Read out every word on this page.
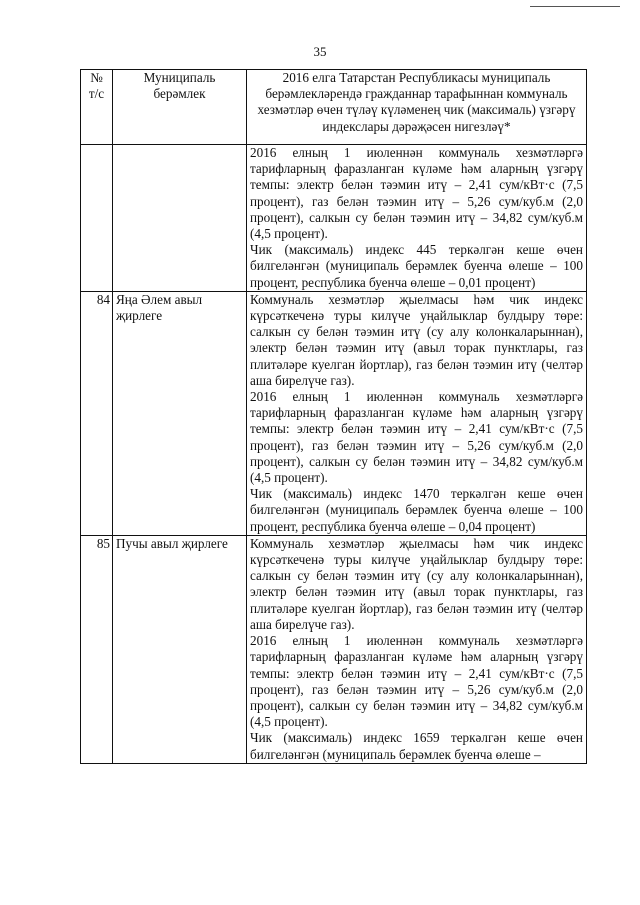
35
№ т/с	Муниципаль берәмлек	2016 елга Татарстан Республикасы муниципаль берәмлекләрендә гражданнар тарафыннан коммуналь хезмәтләр өчен түләү күләменең чик (максималь) үзгәрү индекслары дәрәҗәсен нигезләү*

		2016 елның 1 июленнән коммуналь хезмәтләргә тарифларның фаразланган күләме һәм аларның үзгәрү темпы: электр белән тәэмин итү – 2,41 сум/кВт·с (7,5 процент), газ белән тәэмин итү – 5,26 сум/куб.м (2,0 процент), салкын су белән тәэмин итү – 34,82 сум/куб.м (4,5 процент).

Чик (максималь) индекс 445 теркәлгән кеше өчен билгеләнгән (муниципаль берәмлек буенча өлеше – 100 процент, республика буенча өлеше – 0,01 процент)

84	Яңа Әлем авыл җирлеге	Коммуналь хезмәтләр җыелмасы һәм чик индекс күрсәткеченә туры килүче уңайлыклар булдыру төре: салкын су белән тәэмин итү (су алу колонкаларыннан), электр белән тәэмин итү (авыл торак пунктлары, газ плитәләре куелган йортлар), газ белән тәэмин итү (челтәр аша бирелүче газ).

2016 елның 1 июленнән коммуналь хезмәтләргә тарифларның фаразланган күләме һәм аларның үзгәрү темпы: электр белән тәэмин итү – 2,41 сум/кВт·с (7,5 процент), газ белән тәэмин итү – 5,26 сум/куб.м (2,0 процент), салкын су белән тәэмин итү – 34,82 сум/куб.м (4,5 процент).

Чик (максималь) индекс 1470 теркәлгән кеше өчен билгеләнгән (муниципаль берәмлек буенча өлеше – 100 процент, республика буенча өлеше – 0,04 процент)

85	Пучы авыл җирлеге	Коммуналь хезмәтләр җыелмасы һәм чик индекс күрсәткеченә туры килүче уңайлыклар булдыру төре: салкын су белән тәэмин итү (су алу колонкаларыннан), электр белән тәэмин итү (авыл торак пунктлары, газ плитәләре куелган йортлар), газ белән тәэмин итү (челтәр аша бирелүче газ).

2016 елның 1 июленнән коммуналь хезмәтләргә тарифларның фаразланган күләме һәм аларның үзгәрү темпы: электр белән тәэмин итү – 2,41 сум/кВт·с (7,5 процент), газ белән тәэмин итү – 5,26 сум/куб.м (2,0 процент), салкын су белән тәэмин итү – 34,82 сум/куб.м (4,5 процент).

Чик (максималь) индекс 1659 теркәлгән кеше өчен билгеләнгән (муниципаль берәмлек буенча өлеше –
